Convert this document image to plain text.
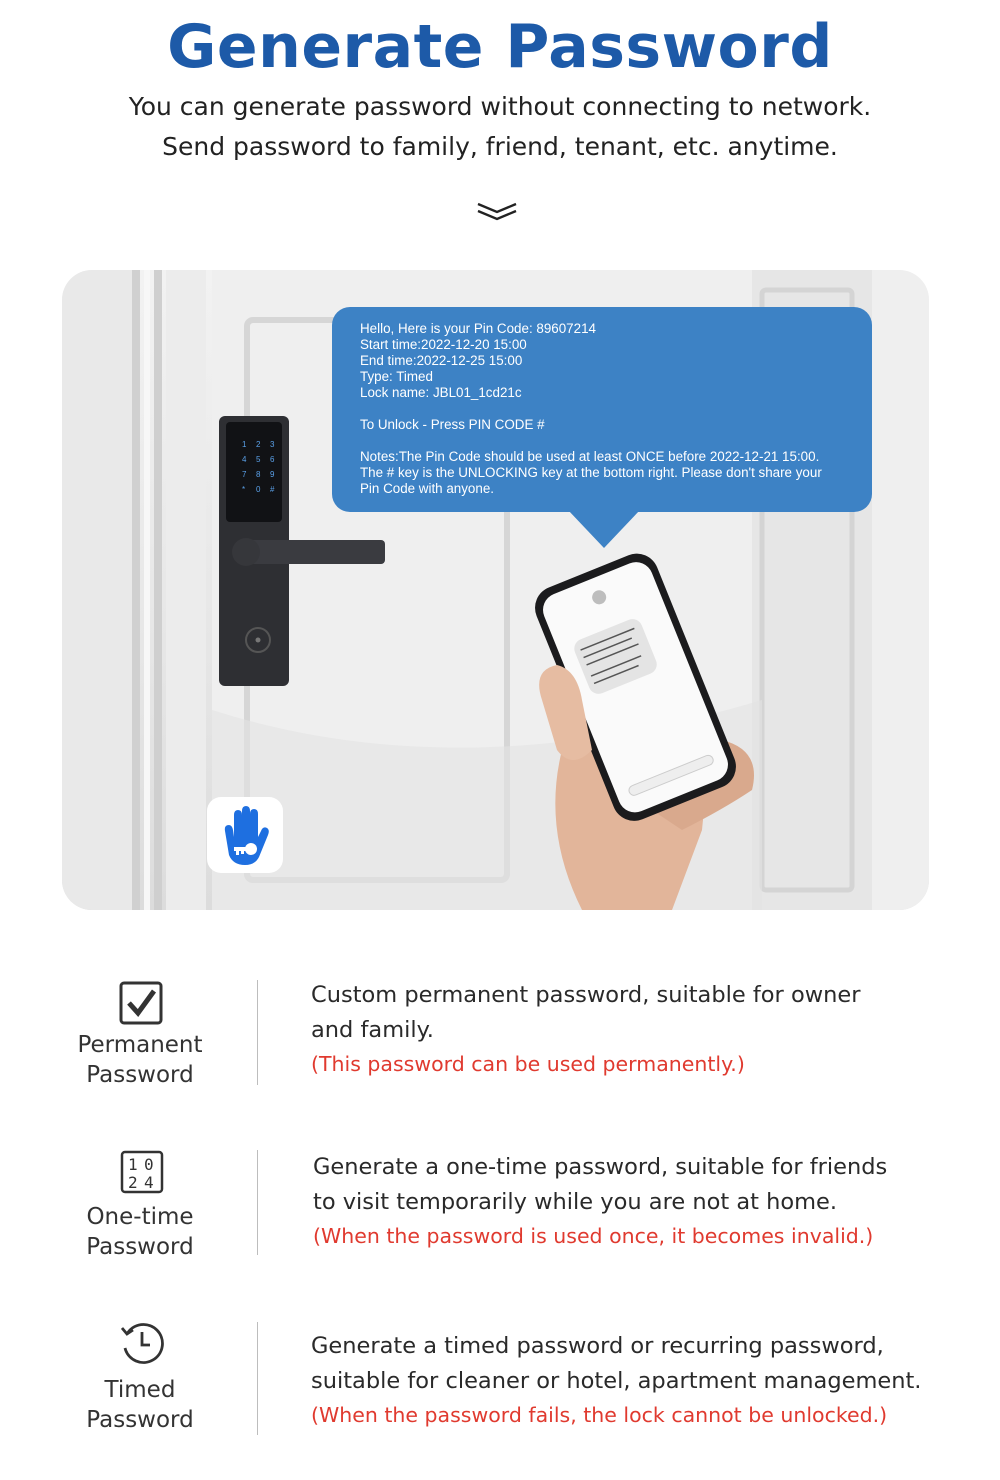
Generate Password
You can generate password without connecting to network.
Send password to family, friend, tenant, etc. anytime.
1 2 3
4 5 6
7 8 9
* 0 #
Hello, Here is your Pin Code: 89607214
Start time:2022-12-20 15:00
End time:2022-12-25 15:00
Type: Timed
Lock name: JBL01_1cd21c
To Unlock - Press PIN CODE #
Notes:The Pin Code should be used at least ONCE before 2022-12-21 15:00.
The # key is the UNLOCKING key at the bottom right. Please don't share your
Pin Code with anyone.
Permanent
Password
Custom permanent password, suitable for owner
and family.
(This password can be used permanently.)
1 0
2 4
One-time
Password
Generate a one-time password, suitable for friends
to visit temporarily while you are not at home.
(When the password is used once, it becomes invalid.)
Timed
Password
Generate a timed password or recurring password,
suitable for cleaner or hotel, apartment management.
(When the password fails, the lock cannot be unlocked.)
